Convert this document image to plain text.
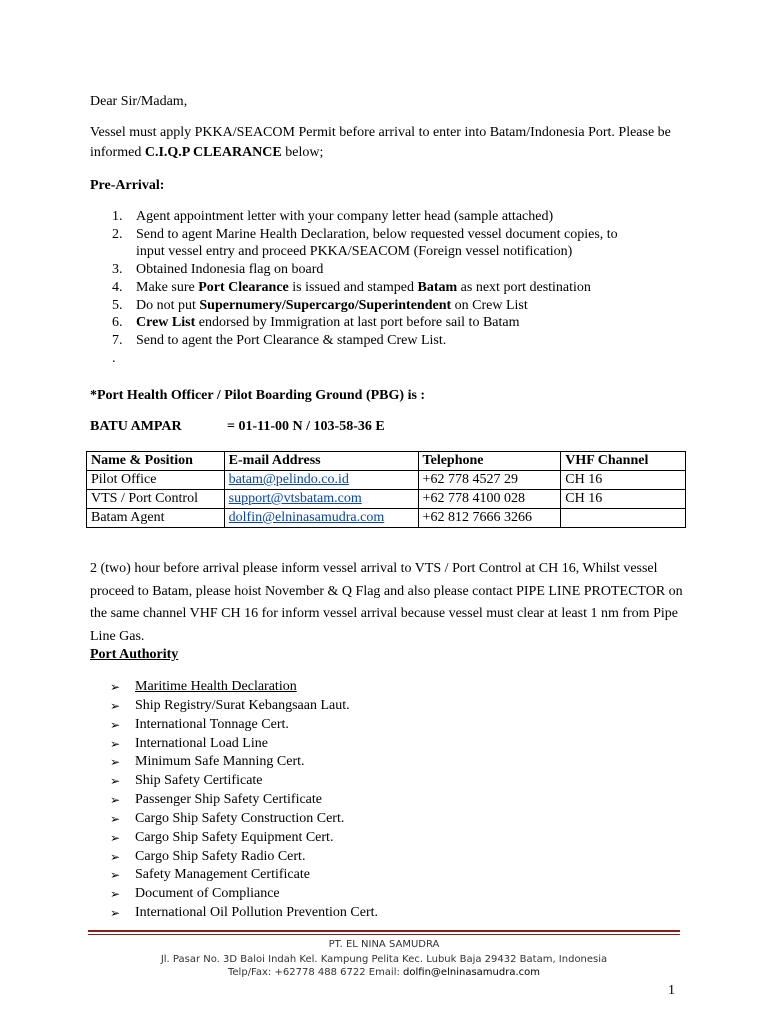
Dear Sir/Madam,
Vessel must apply PKKA/SEACOM Permit before arrival to enter into Batam/Indonesia Port. Please be
informed C.I.Q.P CLEARANCE below;
Pre-Arrival:
1. Agent appointment letter with your company letter head (sample attached)
2. Send to agent Marine Health Declaration, below requested vessel document copies, to
input vessel entry and proceed PKKA/SEACOM (Foreign vessel notification)
3. Obtained Indonesia flag on board
4. Make sure Port Clearance is issued and stamped Batam as next port destination
5. Do not put Supernumery/Supercargo/Superintendent on Crew List
6. Crew List endorsed by Immigration at last port before sail to Batam
7. Send to agent the Port Clearance & stamped Crew List.
.
*Port Health Officer / Pilot Boarding Ground (PBG) is :
BATU AMPAR	= 01-11-00 N / 103-58-36 E
Name & Position	E-mail Address	Telephone	VHF Channel
Pilot Office	batam@pelindo.co.id	+62 778 4527 29	CH 16
VTS / Port Control	support@vtsbatam.com	+62 778 4100 028	CH 16
Batam Agent	dolfin@elninasamudra.com	+62 812 7666 3266	
2 (two) hour before arrival please inform vessel arrival to VTS / Port Control at CH 16, Whilst vessel proceed to Batam, please hoist November & Q Flag and also please contact PIPE LINE PROTECTOR on the same channel VHF CH 16 for inform vessel arrival because vessel must clear at least 1 nm from Pipe Line Gas.
Port Authority
➢ Maritime Health Declaration
➢ Ship Registry/Surat Kebangsaan Laut.
➢ International Tonnage Cert.
➢ International Load Line
➢ Minimum Safe Manning Cert.
➢ Ship Safety Certificate
➢ Passenger Ship Safety Certificate
➢ Cargo Ship Safety Construction Cert.
➢ Cargo Ship Safety Equipment Cert.
➢ Cargo Ship Safety Radio Cert.
➢ Safety Management Certificate
➢ Document of Compliance
➢ International Oil Pollution Prevention Cert.
PT. EL NINA SAMUDRA
Jl. Pasar No. 3D Baloi Indah Kel. Kampung Pelita Kec. Lubuk Baja 29432 Batam, Indonesia
Telp/Fax: +62778 488 6722 Email: dolfin@elninasamudra.com
1
